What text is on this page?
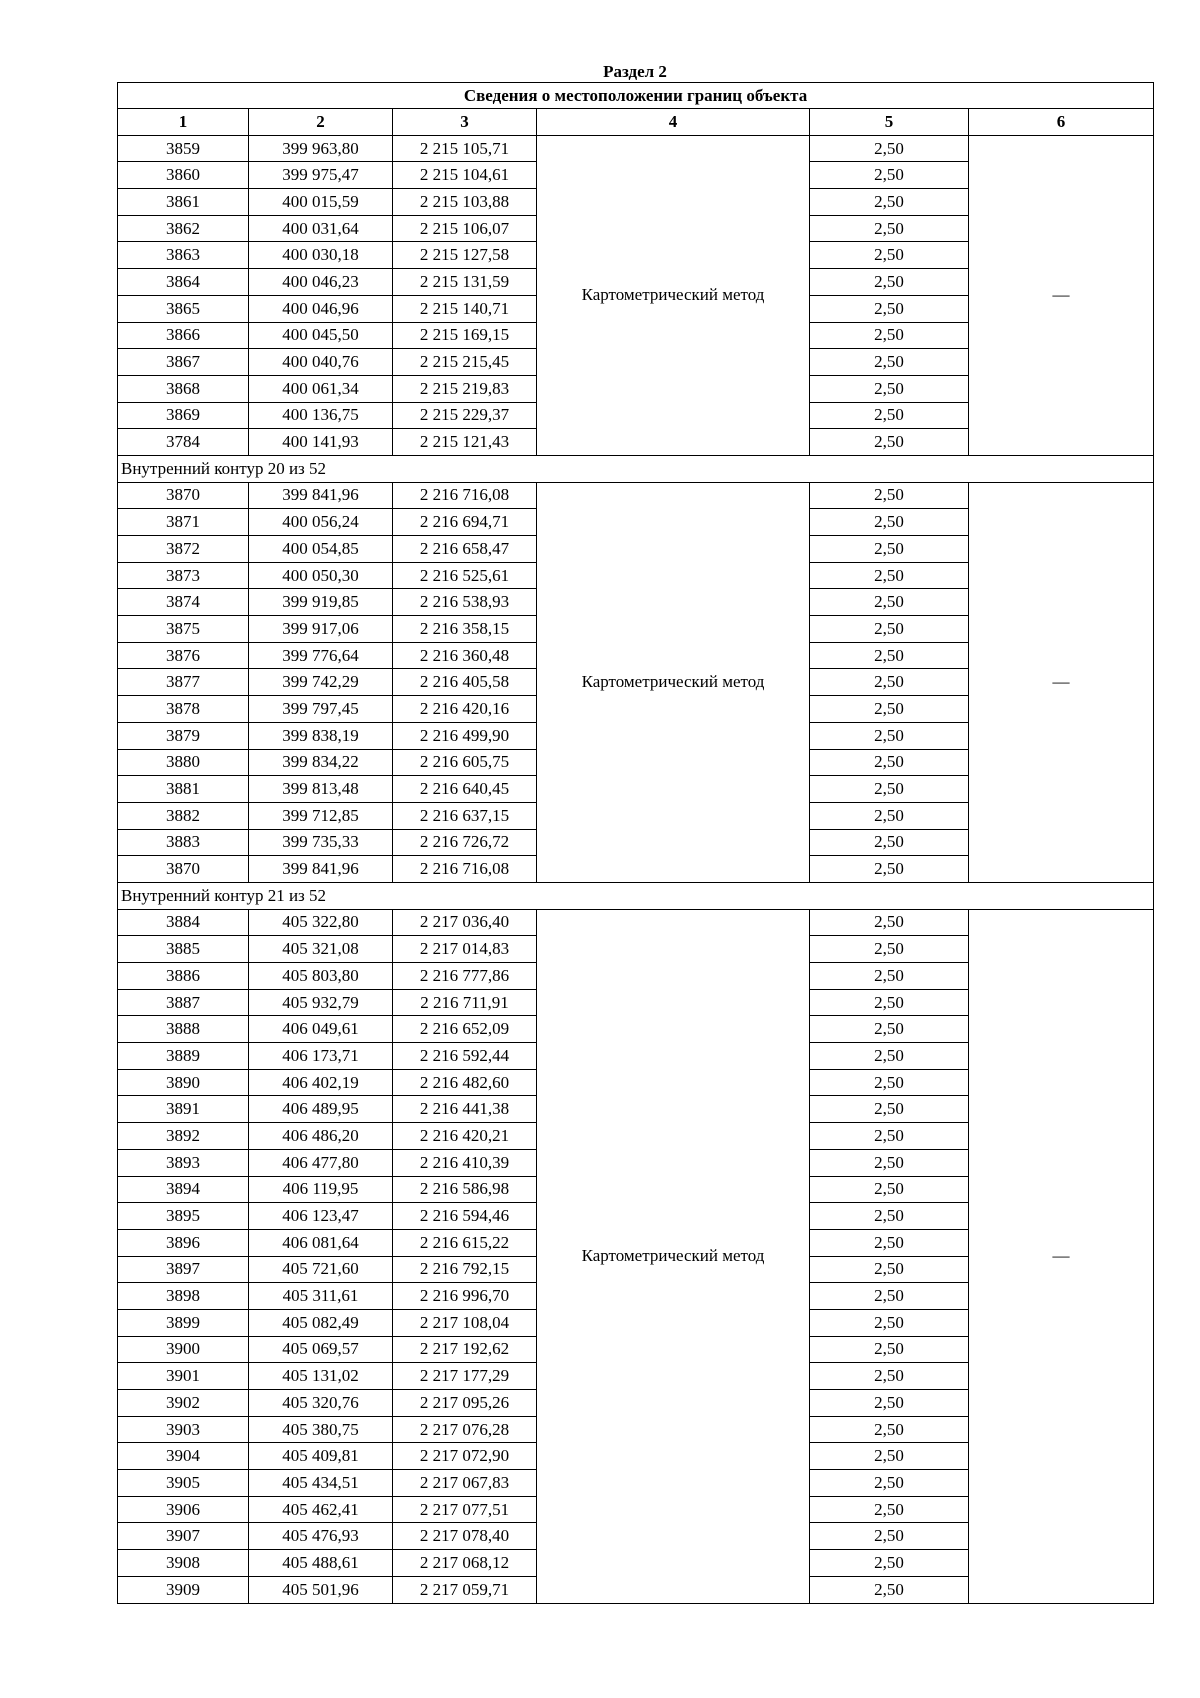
Раздел 2
Сведения о местоположении границ объекта					
1	2	3	4	5	6
3859	399 963,80	2 215 105,71	Картометрический метод	2,50	—
3860	399 975,47	2 215 104,61		2,50	
3861	400 015,59	2 215 103,88		2,50	
3862	400 031,64	2 215 106,07		2,50	
3863	400 030,18	2 215 127,58		2,50	
3864	400 046,23	2 215 131,59		2,50	
3865	400 046,96	2 215 140,71		2,50	
3866	400 045,50	2 215 169,15		2,50	
3867	400 040,76	2 215 215,45		2,50	
3868	400 061,34	2 215 219,83		2,50	
3869	400 136,75	2 215 229,37		2,50	
3784	400 141,93	2 215 121,43		2,50	
Внутренний контур 20 из 52					
3870	399 841,96	2 216 716,08	Картометрический метод	2,50	—
3871	400 056,24	2 216 694,71		2,50	
3872	400 054,85	2 216 658,47		2,50	
3873	400 050,30	2 216 525,61		2,50	
3874	399 919,85	2 216 538,93		2,50	
3875	399 917,06	2 216 358,15		2,50	
3876	399 776,64	2 216 360,48		2,50	
3877	399 742,29	2 216 405,58		2,50	
3878	399 797,45	2 216 420,16		2,50	
3879	399 838,19	2 216 499,90		2,50	
3880	399 834,22	2 216 605,75		2,50	
3881	399 813,48	2 216 640,45		2,50	
3882	399 712,85	2 216 637,15		2,50	
3883	399 735,33	2 216 726,72		2,50	
3870	399 841,96	2 216 716,08		2,50	
Внутренний контур 21 из 52					
3884	405 322,80	2 217 036,40	Картометрический метод	2,50	—
3885	405 321,08	2 217 014,83		2,50	
3886	405 803,80	2 216 777,86		2,50	
3887	405 932,79	2 216 711,91		2,50	
3888	406 049,61	2 216 652,09		2,50	
3889	406 173,71	2 216 592,44		2,50	
3890	406 402,19	2 216 482,60		2,50	
3891	406 489,95	2 216 441,38		2,50	
3892	406 486,20	2 216 420,21		2,50	
3893	406 477,80	2 216 410,39		2,50	
3894	406 119,95	2 216 586,98		2,50	
3895	406 123,47	2 216 594,46		2,50	
3896	406 081,64	2 216 615,22		2,50	
3897	405 721,60	2 216 792,15		2,50	
3898	405 311,61	2 216 996,70		2,50	
3899	405 082,49	2 217 108,04		2,50	
3900	405 069,57	2 217 192,62		2,50	
3901	405 131,02	2 217 177,29		2,50	
3902	405 320,76	2 217 095,26		2,50	
3903	405 380,75	2 217 076,28		2,50	
3904	405 409,81	2 217 072,90		2,50	
3905	405 434,51	2 217 067,83		2,50	
3906	405 462,41	2 217 077,51		2,50	
3907	405 476,93	2 217 078,40		2,50	
3908	405 488,61	2 217 068,12		2,50	
3909	405 501,96	2 217 059,71		2,50	
